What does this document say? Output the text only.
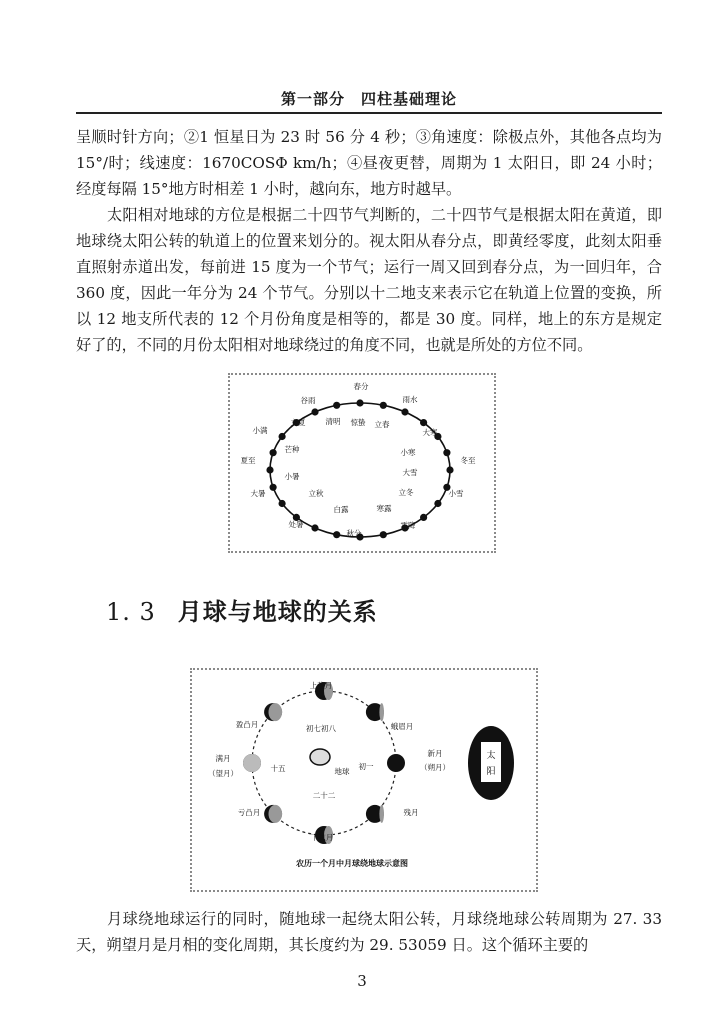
第一部分　四柱基础理论

呈顺时针方向；②1 恒星日为 23 时 56 分 4 秒；③角速度：除极点外，其他各点均为 15°/时；线速度：1670COSΦ km/h；④昼夜更替，周期为 1 太阳日，即 24 小时；经度每隔 15°地方时相差 1 小时，越向东，地方时越早。

太阳相对地球的方位是根据二十四节气判断的，二十四节气是根据太阳在黄道，即地球绕太阳公转的轨道上的位置来划分的。视太阳从春分点，即黄经零度，此刻太阳垂直照射赤道出发，每前进 15 度为一个节气；运行一周又回到春分点，为一回归年，合 360 度，因此一年分为 24 个节气。分别以十二地支来表示它在轨道上位置的变换，所以 12 地支所代表的 12 个月份角度是相等的，都是 30 度。同样，地上的东方是规定好了的，不同的月份太阳相对地球绕过的角度不同，也就是所处的方位不同。

春分
雨水
谷雨
惊蛰
清明
立夏	立春
小满	大寒
芒种	小寒
夏至	冬至
小暑	大雪
大暑	立秋	立冬	小雪
白露	寒露
处暑	霜降
秋分
1. 3 月球与地球的关系
上弦月
蛾眉月
盈凸月	初七初八
新月
（朔月）
满月
（望月）
十五	初一
地球
二十二
亏凸月	残月
下弦月
太
阳
农历一个月中月球绕地球示意图

月球绕地球运行的同时，随地球一起绕太阳公转，月球绕地球公转周期为 27. 33 天，朔望月是月相的变化周期，其长度约为 29. 53059 日。这个循环主要的

3
